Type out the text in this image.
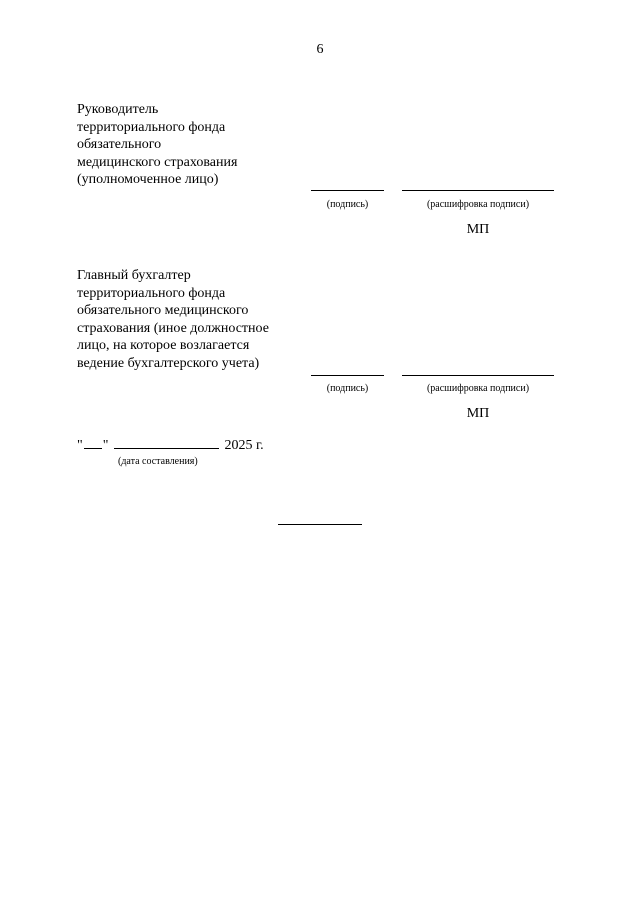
6
Руководитель
территориального фонда
обязательного
медицинского страхования
(уполномоченное лицо)
(подпись)	(расшифровка подписи)
МП
Главный бухгалтер
территориального фонда
обязательного медицинского
страхования (иное должностное
лицо, на которое возлагается
ведение бухгалтерского учета)
(подпись)	(расшифровка подписи)
МП
" "	2025 г.
(дата составления)
